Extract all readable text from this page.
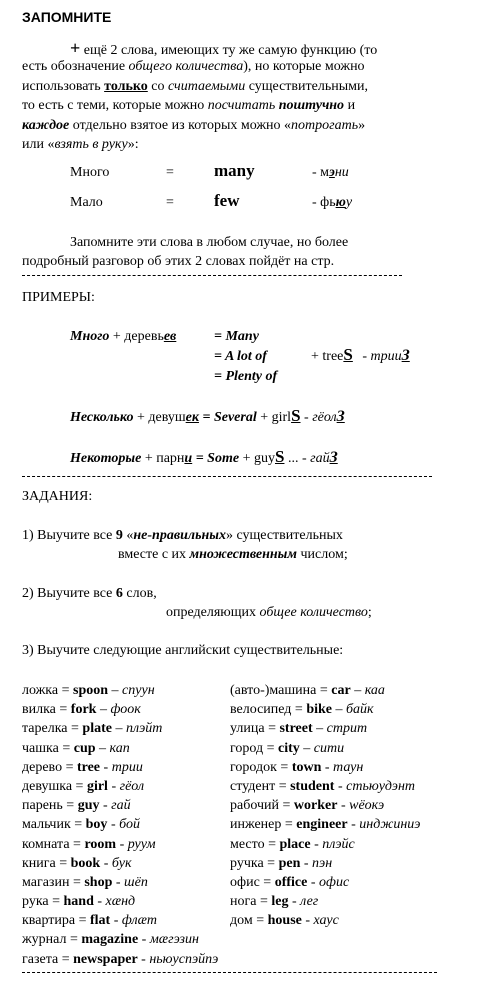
ЗАПОМНИТЕ
+ ещё 2 слова, имеющих ту же самую функцию (то
есть обозначение общего количества), но которые можно
использовать только со считаемыми существительными,
то есть с теми, которые можно посчитать поштучно и
каждое отдельно взятое из которых можно «потрогать»
или «взять в руку»:
Много	= many	- мэни
Мало	= few	- фьюу
Запомните эти слова в любом случае, но более
подробный разговор об этих 2 словах пойдёт на стр.
ПРИМЕРЫ:
Много + деревьев	= Many
= A lot of	+ treeS - трииЗ
= Plenty of
Несколько + девушек = Several + girlS - гёолЗ
Некоторые + парни = Some + guyS ... - гайЗ
ЗАДАНИЯ:
1) Выучите все 9 «не-правильных» существительных
вместе с их множественным числом;
2) Выучите все 6 слов,
определяющих общее количество;
3) Выучите следующие английскиt существительные:
ложка = spoon – спуун
вилка = fork – фоок
тарелка = plate – плэйт
чашка = cup – кап
дерево = tree - трии
девушка = girl - гёол
парень = guy - гай
мальчик = boy - бой
комната = room - руум
книга = book - бук
магазин = shop - шёп
рука = hand - хæнд
квартира = flat - флæт
журнал = magazine - мæгэзин
газета = newspaper - ньюуспэйпэ
(авто-)машина = car – каа
велосипед = bike – байк
улица = street – стрит
город = city – сити
городок = town - таун
студент = student - стьюудэнт
рабочий = worker - wёокэ
инженер = engineer - инджиниэ
место = place - плэйс
ручка = pen - пэн
офис = office - офис
нога = leg - лег
дом = house - хаус
